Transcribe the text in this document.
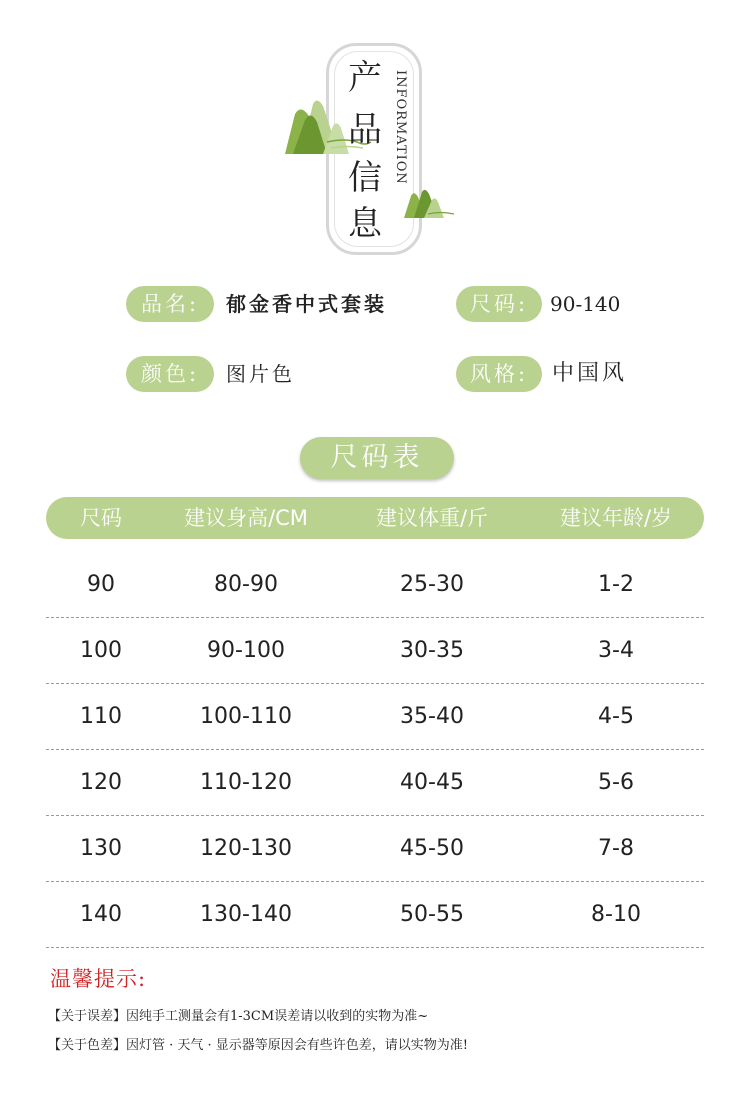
产
品
信
息
INFORMATION
品名:	郁金香中式套装	尺码:	90-140
颜色:	图片色	风格:	中国风
尺码表
尺码	建议身高/CM	建议体重/斤	建议年龄/岁
90	80-90	25-30	1-2
100	90-100	30-35	3-4
110	100-110	35-40	4-5
120	110-120	40-45	5-6
130	120-130	45-50	7-8
140	130-140	50-55	8-10
温馨提示:
【关于误差】因纯手工测量会有1-3CM误差请以收到的实物为准~
【关于色差】因灯管 · 天气 · 显示器等原因会有些许色差，请以实物为准!
